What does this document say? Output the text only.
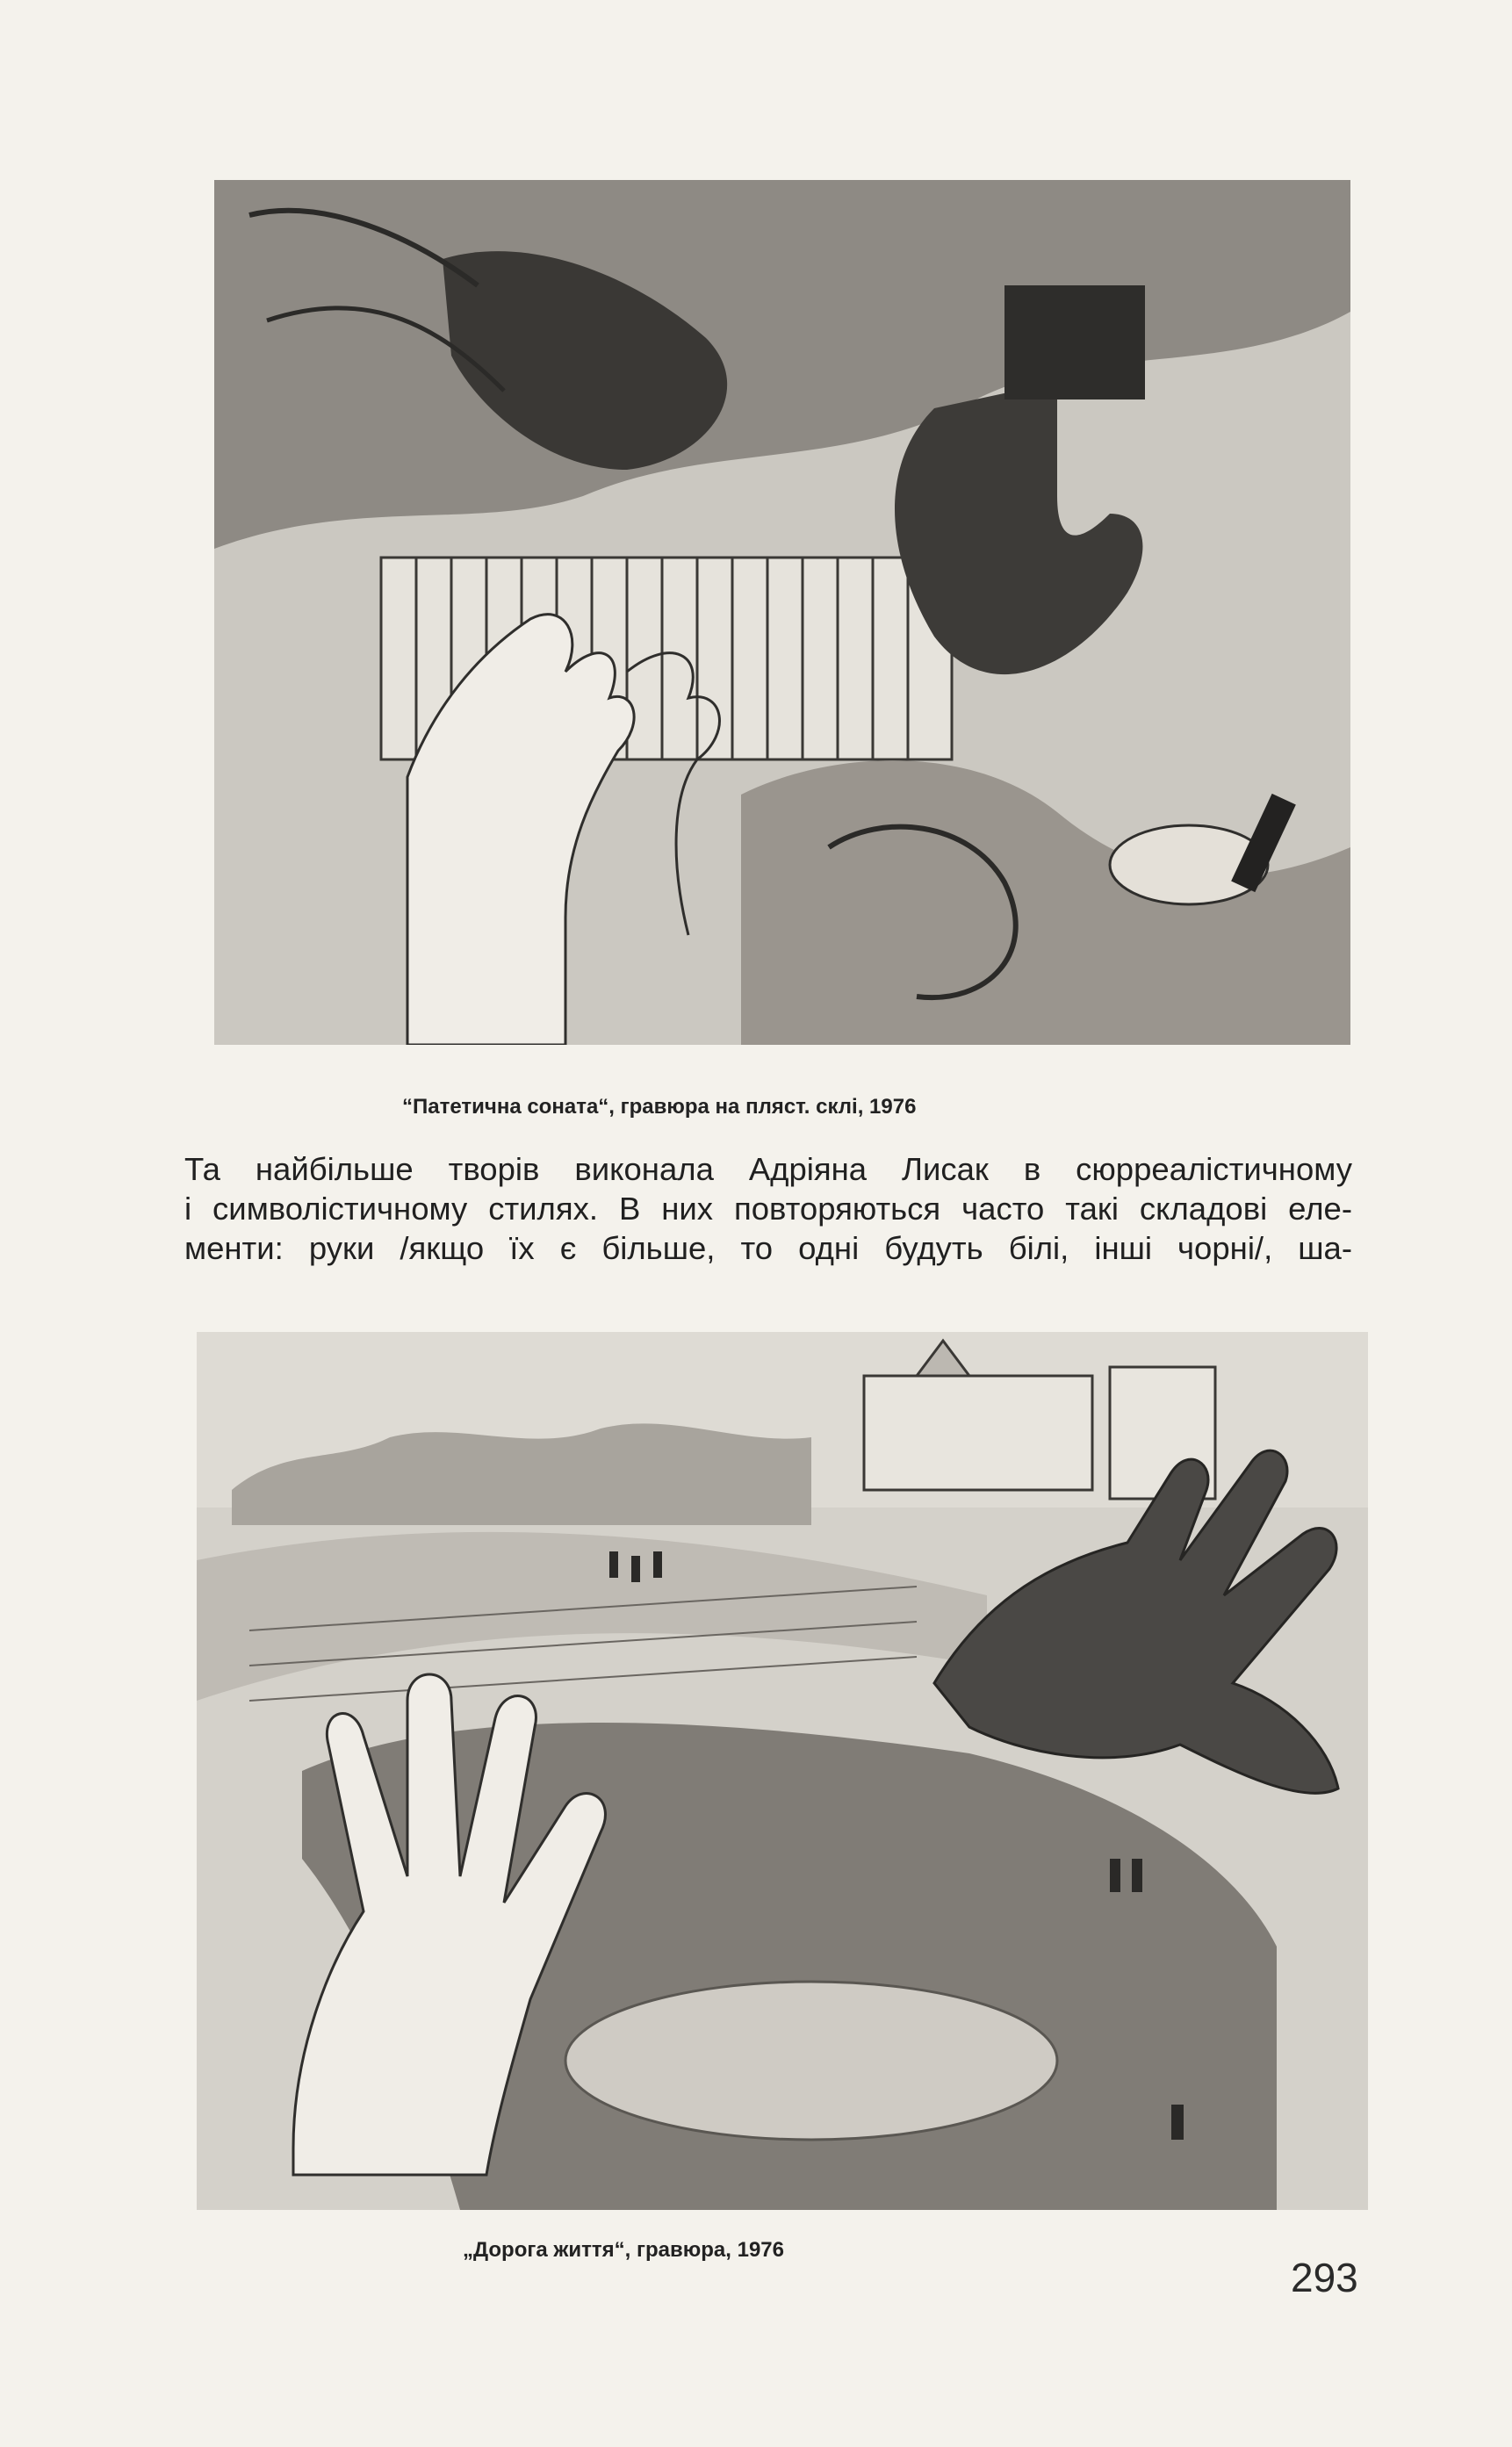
“Патетична соната“, гравюра на пляст. склі, 1976
Та найбільше творів виконала Адріяна Лисак в сюрреалістичному
і символістичному стилях. В них повторяються часто такі складові еле-
менти: руки /якщо їх є більше, то одні будуть білі, інші чорні/, ша-
„Дорога життя“, гравюра, 1976
293
